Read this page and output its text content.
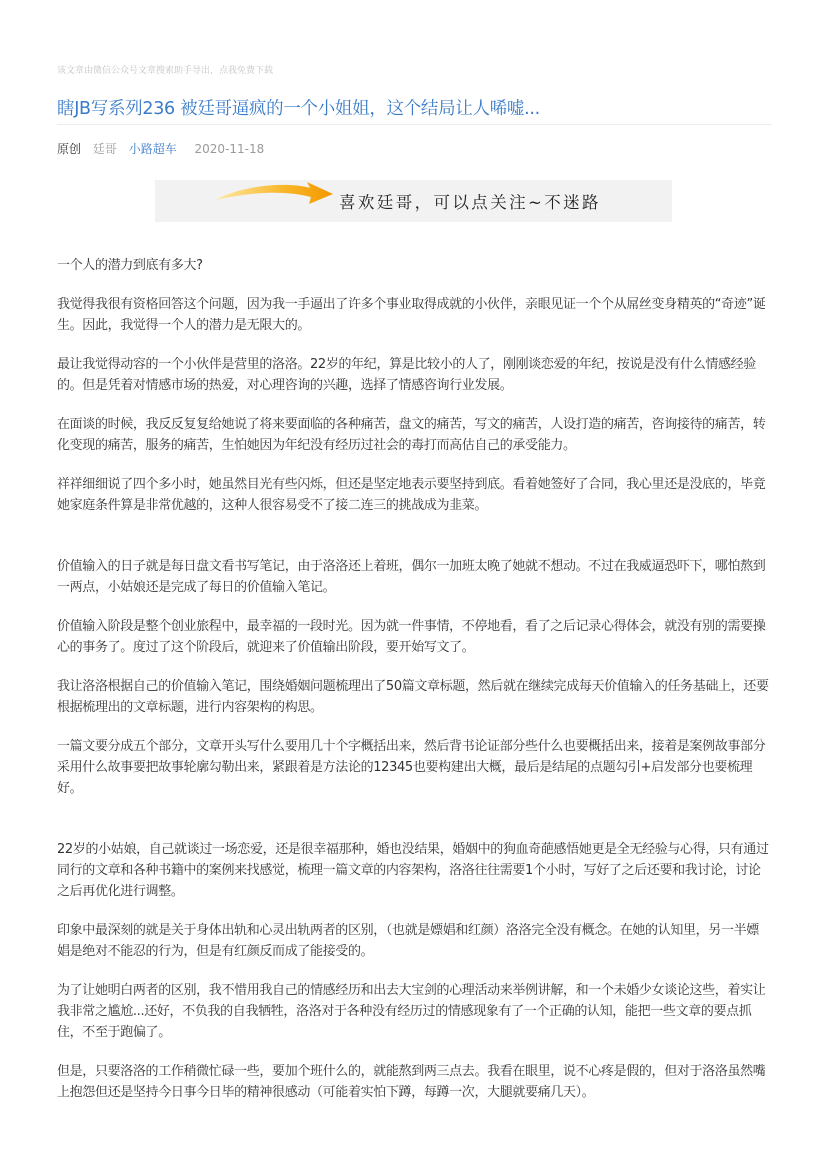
该文章由微信公众号文章搜索助手导出，点我免费下载
瞎JB写系列236 被廷哥逼疯的一个小姐姐，这个结局让人唏嘘...
原创 廷哥 小路超车 2020-11-18
喜欢廷哥，可以点关注~不迷路

一个人的潜力到底有多大?

我觉得我很有资格回答这个问题，因为我一手逼出了许多个事业取得成就的小伙伴，亲眼见证一个个从屌丝变身精英的“奇迹”诞生。因此，我觉得一个人的潜力是无限大的。

最让我觉得动容的一个小伙伴是营里的洛洛。22岁的年纪，算是比较小的人了，刚刚谈恋爱的年纪，按说是没有什么情感经验的。但是凭着对情感市场的热爱，对心理咨询的兴趣，选择了情感咨询行业发展。

在面谈的时候，我反反复复给她说了将来要面临的各种痛苦，盘文的痛苦，写文的痛苦，人设打造的痛苦，咨询接待的痛苦，转化变现的痛苦，服务的痛苦，生怕她因为年纪没有经历过社会的毒打而高估自己的承受能力。

祥祥细细说了四个多小时，她虽然目光有些闪烁，但还是坚定地表示要坚持到底。看着她签好了合同，我心里还是没底的，毕竟她家庭条件算是非常优越的，这种人很容易受不了接二连三的挑战成为韭菜。

价值输入的日子就是每日盘文看书写笔记，由于洛洛还上着班，偶尔一加班太晚了她就不想动。不过在我威逼恐吓下，哪怕熬到一两点，小姑娘还是完成了每日的价值输入笔记。

价值输入阶段是整个创业旅程中，最幸福的一段时光。因为就一件事情，不停地看，看了之后记录心得体会，就没有别的需要操心的事务了。度过了这个阶段后，就迎来了价值输出阶段，要开始写文了。

我让洛洛根据自己的价值输入笔记，围绕婚姻问题梳理出了50篇文章标题，然后就在继续完成每天价值输入的任务基础上，还要根据梳理出的文章标题，进行内容架构的构思。

一篇文要分成五个部分，文章开头写什么要用几十个字概括出来，然后背书论证部分些什么也要概括出来，接着是案例故事部分采用什么故事要把故事轮廓勾勒出来，紧跟着是方法论的12345也要构建出大概，最后是结尾的点题勾引+启发部分也要梳理好。

22岁的小姑娘，自己就谈过一场恋爱，还是很幸福那种，婚也没结果，婚姻中的狗血奇葩感悟她更是全无经验与心得，只有通过同行的文章和各种书籍中的案例来找感觉，梳理一篇文章的内容架构，洛洛往往需要1个小时，写好了之后还要和我讨论，讨论之后再优化进行调整。

印象中最深刻的就是关于身体出轨和心灵出轨两者的区别，（也就是嫖娼和红颜）洛洛完全没有概念。在她的认知里，另一半嫖娼是绝对不能忍的行为，但是有红颜反而成了能接受的。

为了让她明白两者的区别，我不惜用我自己的情感经历和出去大宝剑的心理活动来举例讲解，和一个未婚少女谈论这些，着实让我非常之尴尬...还好，不负我的自我牺牲，洛洛对于各种没有经历过的情感现象有了一个正确的认知，能把一些文章的要点抓住，不至于跑偏了。

但是，只要洛洛的工作稍微忙碌一些，要加个班什么的，就能熬到两三点去。我看在眼里，说不心疼是假的，但对于洛洛虽然嘴上抱怨但还是坚持今日事今日毕的精神很感动（可能着实怕下蹲，每蹲一次，大腿就要痛几天）。
